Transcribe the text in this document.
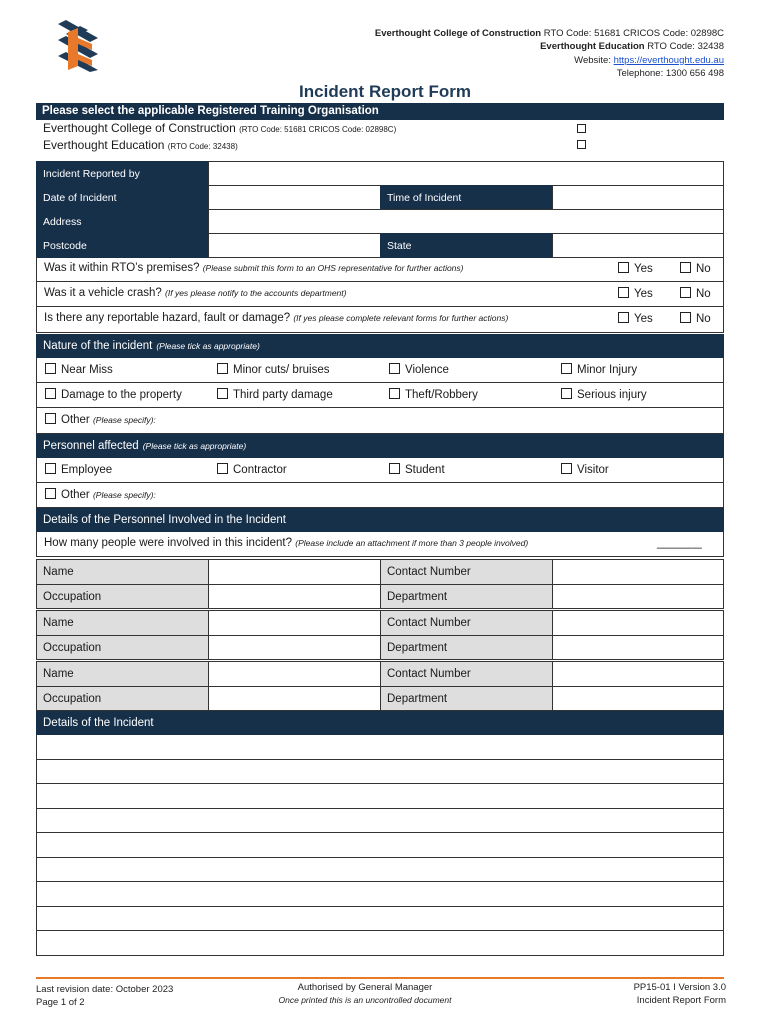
Everthought College of Construction RTO Code: 51681 CRICOS Code: 02898C
Everthought Education RTO Code: 32438
Website: https://everthought.edu.au
Telephone: 1300 656 498
Incident Report Form
Please select the applicable Registered Training Organisation
Everthought College of Construction (RTO Code: 51681 CRICOS Code: 02898C)
Everthought Education (RTO Code: 32438)
Incident Reported by
Date of Incident	Time of Incident
Address
Postcode	State
Was it within RTO’s premises? (Please submit this form to an OHS representative for further actions)	Yes	No
Was it a vehicle crash? (If yes please notify to the accounts department)	Yes	No
Is there any reportable hazard, fault or damage? (If yes please complete relevant forms for further actions)	Yes	No
Nature of the incident (Please tick as appropriate)
Near Miss	Minor cuts/ bruises	Violence	Minor Injury
Damage to the property	Third party damage	Theft/Robbery	Serious injury
Other (Please specify):
Personnel affected (Please tick as appropriate)
Employee	Contractor	Student	Visitor
Other (Please specify):
Details of the Personnel Involved in the Incident
How many people were involved in this incident? (Please include an attachment if more than 3 people involved)	_______
Name	Contact Number
Occupation	Department
Name	Contact Number
Occupation	Department
Name	Contact Number
Occupation	Department
Details of the Incident
Last revision date: October 2023
Page 1 of 2
Authorised by General Manager
Once printed this is an uncontrolled document
PP15-01 I Version 3.0
Incident Report Form
